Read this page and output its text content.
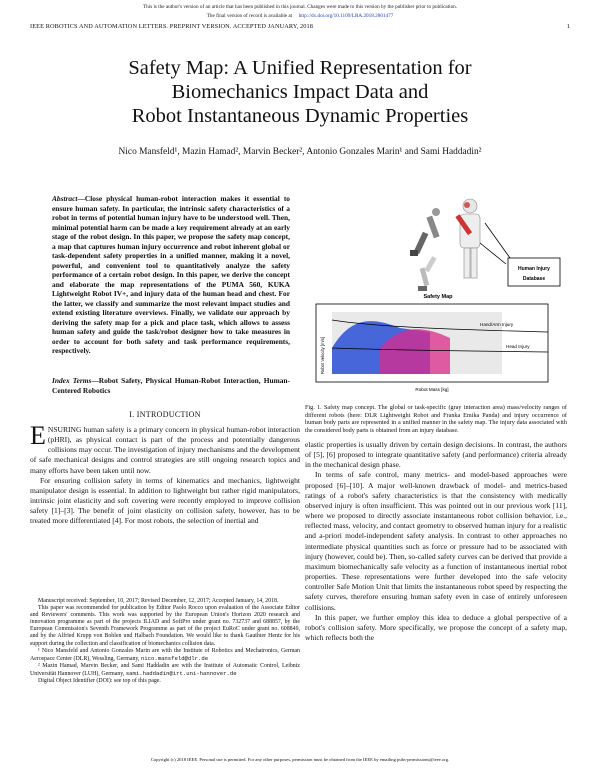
This is the author's version of an article that has been published in this journal. Changes were made to this version by the publisher prior to publication.
The final version of record is available at http://dx.doi.org/10.1109/LRA.2018.2801477
IEEE ROBOTICS AND AUTOMATION LETTERS. PREPRINT VERSION. ACCEPTED JANUARY, 2018	1
Safety Map: A Unified Representation for
Biomechanics Impact Data and
Robot Instantaneous Dynamic Properties
Nico Mansfeld¹, Mazin Hamad², Marvin Becker², Antonio Gonzales Marin¹ and Sami Haddadin²
Abstract—Close physical human-robot interaction makes it essential to ensure human safety. In particular, the intrinsic safety characteristics of a robot in terms of potential human injury have to be understood well. Then, minimal potential harm can be made a key requirement already at an early stage of the robot design. In this paper, we propose the safety map concept, a map that captures human injury occurrence and robot inherent global or task-dependent safety properties in a unified manner, making it a novel, powerful, and convenient tool to quantitatively analyze the safety performance of a certain robot design. In this paper, we derive the concept and elaborate the map representations of the PUMA 560, KUKA Lightweight Robot IV+, and injury data of the human head and chest. For the latter, we classify and summarize the most relevant impact studies and extend existing literature overviews. Finally, we validate our approach by deriving the safety map for a pick and place task, which allows to assess human safety and guide the task/robot designer how to take measures in order to account for both safety and task performance requirements, respectively.
Index Terms—Robot Safety, Physical Human-Robot Interaction, Human-Centered Robotics
I. INTRODUCTION

ENSURING human safety is a primary concern in physical human-robot interaction (pHRI), as physical contact is part of the process and potentially dangerous collisions may occur. The investigation of injury mechanisms and the development of safe mechanical designs and control strategies are still ongoing research topics and many efforts have been taken until now.

For ensuring collision safety in terms of kinematics and mechanics, lightweight manipulator design is essential. In addition to lightweight but rather rigid manipulators, intrinsic joint elasticity and soft covering were recently employed to improve collision safety [1]–[3]. The benefit of joint elasticity on collision safety, however, has to be treated more differentiated [4]. For most robots, the selection of inertial and

Manuscript received: September, 10, 2017; Revised December, 12, 2017; Accepted January, 14, 2018.

This paper was recommended for publication by Editor Paolo Rocco upon evaluation of the Associate Editor and Reviewers' comments. This work was supported by the European Union's Horizon 2020 research and innovation programme as part of the projects ILIAD and SoftPro under grant no. 732737 and 688857, by the European Commission's Seventh Framework Programme as part of the project EuRoC under grant no. 608849, and by the Alfried Krupp von Bohlen und Halbach Foundation. We would like to thank Gauthier Hentz for his support during the collection and classification of biomechanics collision data.

¹ Nico Mansfeld and Antonio Gonzales Marin are with the Institute of Robotics and Mechatronics, German Aerospace Center (DLR), Wessling, Germany, nico.mansfeld@dlr.de

² Mazin Hamad, Marvin Becker, and Sami Haddadin are with the Institute of Automatic Control, Leibniz Universität Hannover (LUH), Germany, sami.haddadin@irt.uni-hannover.de

Digital Object Identifier (DOI): see top of this page.

Human Injury
Database
Safety Map
Hand/Arm Injury
Head Injury
Robot Velocity [m/s]
Robot Mass [kg]
Fig. 1. Safety map concept. The global or task-specific (gray interaction area) mass/velocity ranges of different robots (here: DLR Lightweight Robot and Franka Emika Panda) and injury occurrence of human body parts are represented in a unified manner in the safety map. The injury data associated with the considered body parts is obtained from an injury database.

elastic properties is usually driven by certain design decisions. In contrast, the authors of [5], [6] proposed to integrate quantitative safety (and performance) criteria already in the mechanical design phase.

In terms of safe control, many metrics- and model-based approaches were proposed [6]–[10]. A major well-known drawback of model- and metrics-based ratings of a robot's safety characteristics is that the consistency with medically observed injury is often insufficient. This was pointed out in our previous work [11], where we proposed to directly associate instantaneous robot collision behavior, i.e., reflected mass, velocity, and contact geometry to observed human injury for a realistic and a-priori model-independent safety analysis. In contrast to other approaches no intermediate physical quantities such as force or pressure had to be associated with injury (however, could be). Then, so-called safety curves can be derived that provide a maximum biomechanically safe velocity as a function of instantaneous inertial robot properties. These representations were further developed into the safe velocity controller Safe Motion Unit that limits the instantaneous robot speed by respecting the safety curves, therefore ensuring human safety even in case of entirely unforeseen collisions.

In this paper, we further employ this idea to deduce a global perspective of a robot's collision safety. More specifically, we propose the concept of a safety map, which reflects both the

Copyright (c) 2018 IEEE. Personal use is permitted. For any other purposes, permission must be obtained from the IEEE by emailing pubs-permissions@ieee.org.
